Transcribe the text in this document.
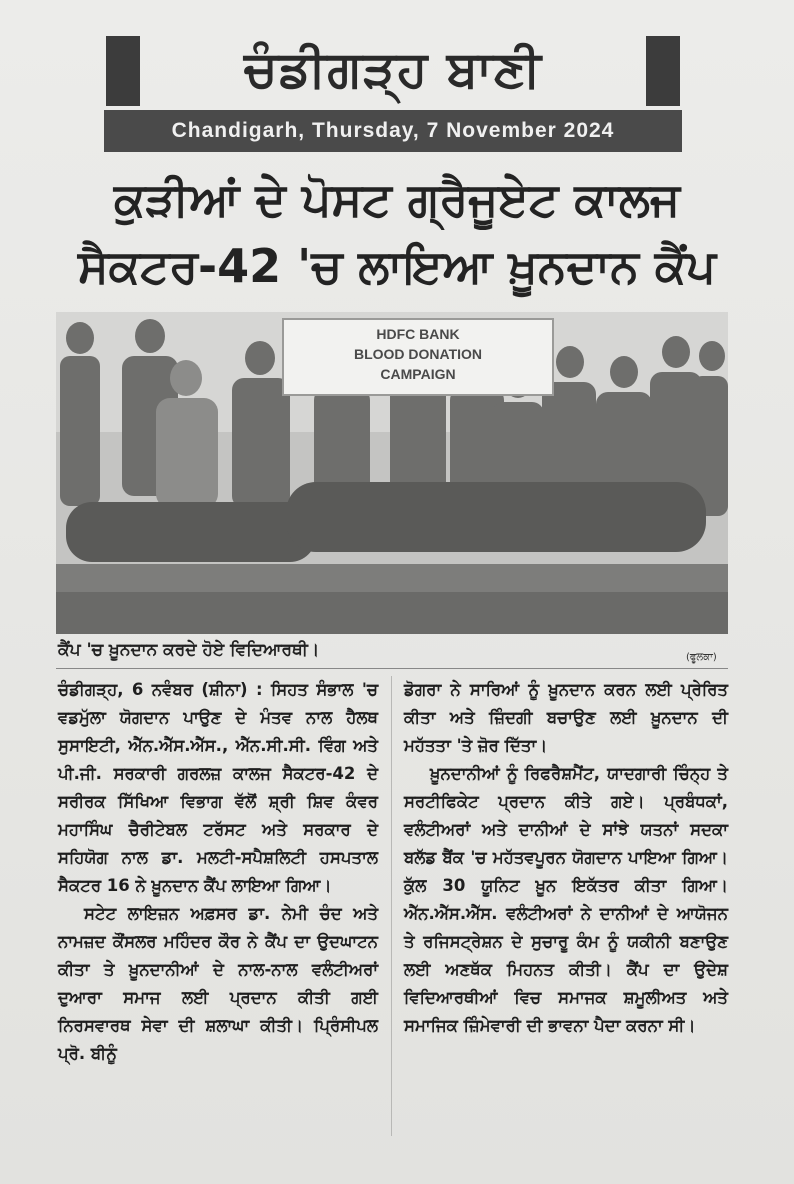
ਚੰਡੀਗੜ੍ਹ ਬਾਣੀ
Chandigarh, Thursday, 7 November 2024
ਕੁੜੀਆਂ ਦੇ ਪੋਸਟ ਗ੍ਰੈਜੂਏਟ ਕਾਲਜ
ਸੈਕਟਰ-42 'ਚ ਲਾਇਆ ਖ਼ੂਨਦਾਨ ਕੈਂਪ
HDFC BANK
BLOOD DONATION
CAMPAIGN
ਕੈਂਪ 'ਚ ਖ਼ੂਨਦਾਨ ਕਰਦੇ ਹੋਏ ਵਿਦਿਆਰਥੀ।	(ਫੂਲਕਾ)

ਚੰਡੀਗੜ੍ਹ, 6 ਨਵੰਬਰ (ਸ਼ੀਨਾ) : ਸਿਹਤ ਸੰਭਾਲ 'ਚ ਵਡਮੁੱਲਾ ਯੋਗਦਾਨ ਪਾਉਣ ਦੇ ਮੰਤਵ ਨਾਲ ਹੈਲਥ ਸੁਸਾਇਟੀ, ਐੱਨ.ਐੱਸ.ਐੱਸ., ਐੱਨ.ਸੀ.ਸੀ. ਵਿੰਗ ਅਤੇ ਪੀ.ਜੀ. ਸਰਕਾਰੀ ਗਰਲਜ਼ ਕਾਲਜ ਸੈਕਟਰ-42 ਦੇ ਸਰੀਰਕ ਸਿੱਖਿਆ ਵਿਭਾਗ ਵੱਲੋਂ ਸ਼੍ਰੀ ਸ਼ਿਵ ਕੰਵਰ ਮਹਾਸਿੰਘ ਚੈਰੀਟੇਬਲ ਟਰੱਸਟ ਅਤੇ ਸਰਕਾਰ ਦੇ ਸਹਿਯੋਗ ਨਾਲ ਡਾ. ਮਲਟੀ-ਸਪੈਸ਼ਲਿਟੀ ਹਸਪਤਾਲ ਸੈਕਟਰ 16 ਨੇ ਖ਼ੂਨਦਾਨ ਕੈਂਪ ਲਾਇਆ ਗਿਆ।

ਸਟੇਟ ਲਾਇਜ਼ਨ ਅਫ਼ਸਰ ਡਾ. ਨੇਮੀ ਚੰਦ ਅਤੇ ਨਾਮਜ਼ਦ ਕੌਂਸਲਰ ਮਹਿੰਦਰ ਕੌਰ ਨੇ ਕੈਂਪ ਦਾ ਉਦਘਾਟਨ ਕੀਤਾ ਤੇ ਖ਼ੂਨਦਾਨੀਆਂ ਦੇ ਨਾਲ-ਨਾਲ ਵਲੰਟੀਅਰਾਂ ਦੁਆਰਾ ਸਮਾਜ ਲਈ ਪ੍ਰਦਾਨ ਕੀਤੀ ਗਈ ਨਿਰਸਵਾਰਥ ਸੇਵਾ ਦੀ ਸ਼ਲਾਘਾ ਕੀਤੀ। ਪ੍ਰਿੰਸੀਪਲ ਪ੍ਰੋ. ਬੀਨੂੰ

ਡੋਗਰਾ ਨੇ ਸਾਰਿਆਂ ਨੂੰ ਖ਼ੂਨਦਾਨ ਕਰਨ ਲਈ ਪ੍ਰੇਰਿਤ ਕੀਤਾ ਅਤੇ ਜ਼ਿੰਦਗੀ ਬਚਾਉਣ ਲਈ ਖ਼ੂਨਦਾਨ ਦੀ ਮਹੱਤਤਾ 'ਤੇ ਜ਼ੋਰ ਦਿੱਤਾ।

ਖ਼ੂਨਦਾਨੀਆਂ ਨੂੰ ਰਿਫਰੈਸ਼ਮੈਂਟ, ਯਾਦਗਾਰੀ ਚਿੰਨ੍ਹ ਤੇ ਸਰਟੀਫਿਕੇਟ ਪ੍ਰਦਾਨ ਕੀਤੇ ਗਏ। ਪ੍ਰਬੰਧਕਾਂ, ਵਲੰਟੀਅਰਾਂ ਅਤੇ ਦਾਨੀਆਂ ਦੇ ਸਾਂਝੇ ਯਤਨਾਂ ਸਦਕਾ ਬਲੱਡ ਬੈਂਕ 'ਚ ਮਹੱਤਵਪੂਰਨ ਯੋਗਦਾਨ ਪਾਇਆ ਗਿਆ। ਕੁੱਲ 30 ਯੂਨਿਟ ਖ਼ੂਨ ਇਕੱਤਰ ਕੀਤਾ ਗਿਆ। ਐੱਨ.ਐੱਸ.ਐੱਸ. ਵਲੰਟੀਅਰਾਂ ਨੇ ਦਾਨੀਆਂ ਦੇ ਆਯੋਜਨ ਤੇ ਰਜਿਸਟ੍ਰੇਸ਼ਨ ਦੇ ਸੁਚਾਰੂ ਕੰਮ ਨੂੰ ਯਕੀਨੀ ਬਣਾਉਣ ਲਈ ਅਣਥੱਕ ਮਿਹਨਤ ਕੀਤੀ। ਕੈਂਪ ਦਾ ਉਦੇਸ਼ ਵਿਦਿਆਰਥੀਆਂ ਵਿਚ ਸਮਾਜਕ ਸ਼ਮੂਲੀਅਤ ਅਤੇ ਸਮਾਜਿਕ ਜ਼ਿੰਮੇਵਾਰੀ ਦੀ ਭਾਵਨਾ ਪੈਦਾ ਕਰਨਾ ਸੀ।
